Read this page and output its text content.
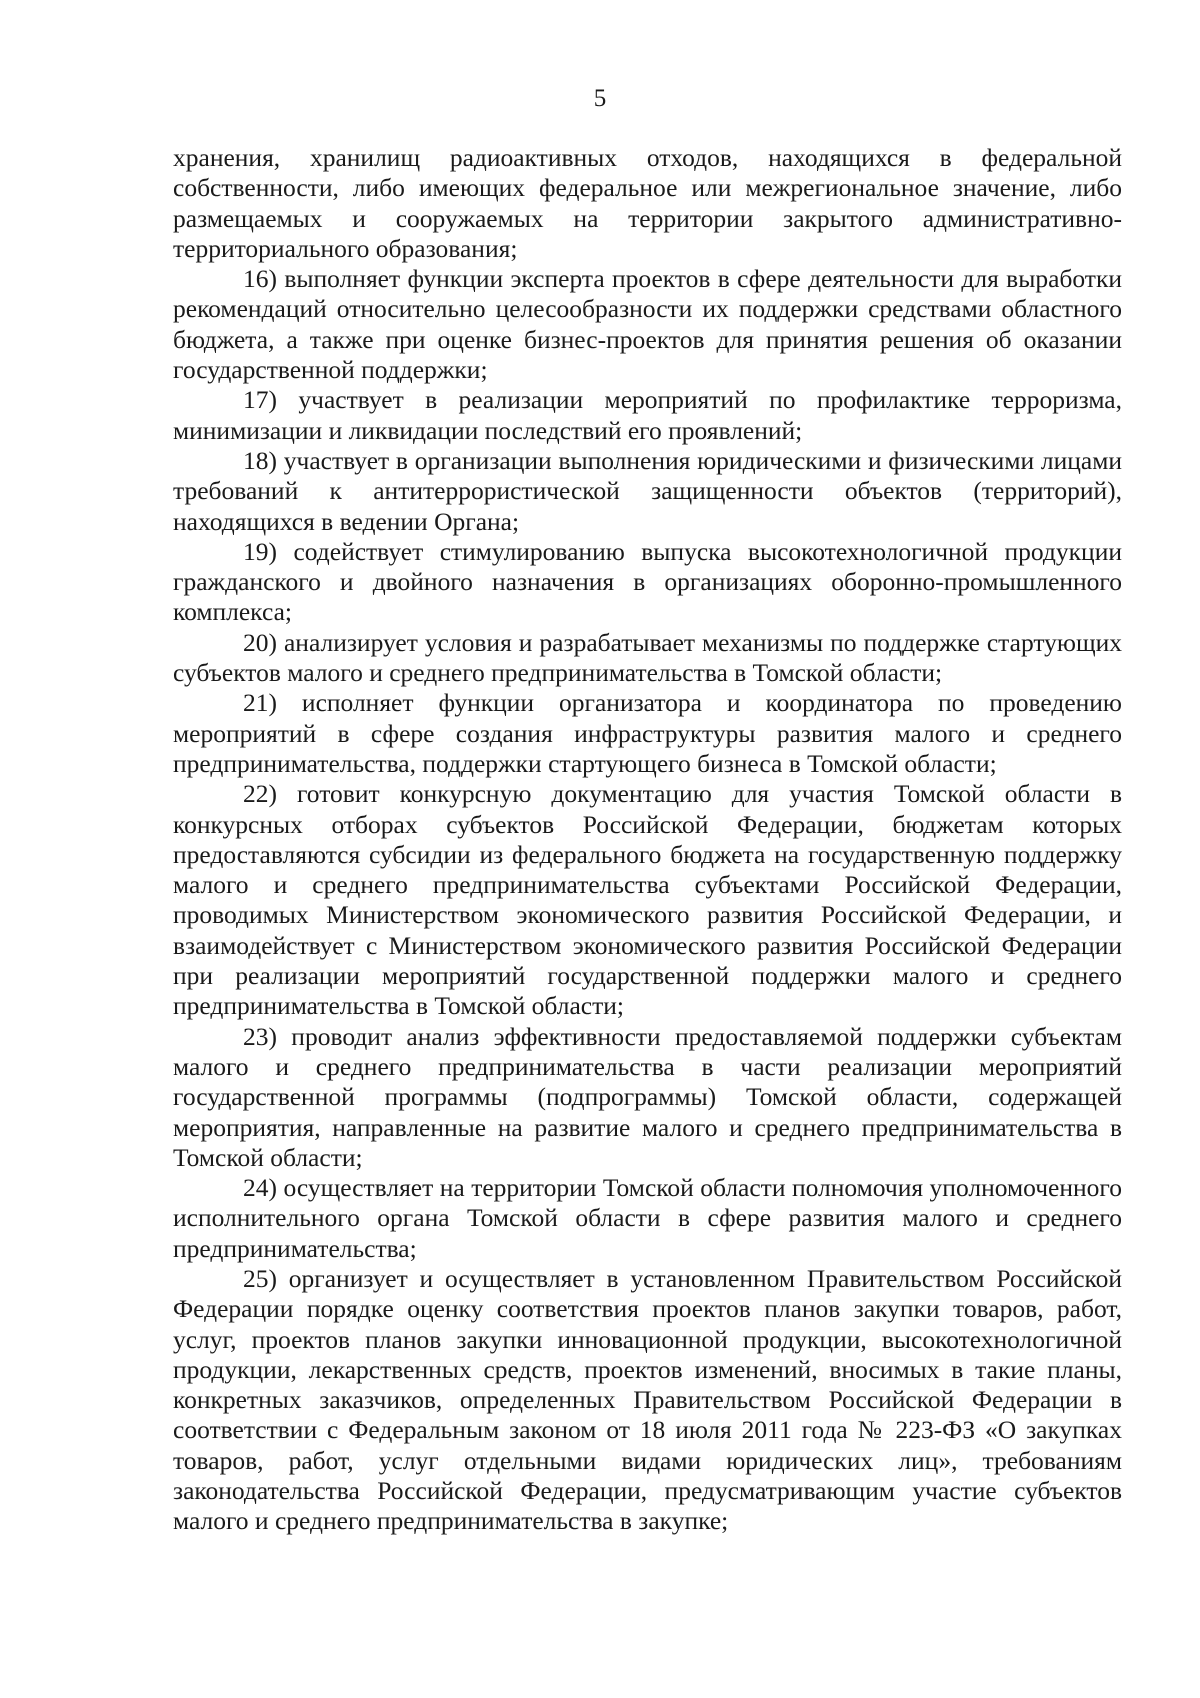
5

хранения, хранилищ радиоактивных отходов, находящихся в федеральной собственности, либо имеющих федеральное или межрегиональное значение, либо размещаемых и сооружаемых на территории закрытого административно-территориального образования;

16) выполняет функции эксперта проектов в сфере деятельности для выработки рекомендаций относительно целесообразности их поддержки средствами областного бюджета, а также при оценке бизнес-проектов для принятия решения об оказании государственной поддержки;

17) участвует в реализации мероприятий по профилактике терроризма, минимизации и ликвидации последствий его проявлений;

18) участвует в организации выполнения юридическими и физическими лицами требований к антитеррористической защищенности объектов (территорий), находящихся в ведении Органа;

19) содействует стимулированию выпуска высокотехнологичной продукции гражданского и двойного назначения в организациях оборонно-промышленного комплекса;

20) анализирует условия и разрабатывает механизмы по поддержке стартующих субъектов малого и среднего предпринимательства в Томской области;

21) исполняет функции организатора и координатора по проведению мероприятий в сфере создания инфраструктуры развития малого и среднего предпринимательства, поддержки стартующего бизнеса в Томской области;

22) готовит конкурсную документацию для участия Томской области в конкурсных отборах субъектов Российской Федерации, бюджетам которых предоставляются субсидии из федерального бюджета на государственную поддержку малого и среднего предпринимательства субъектами Российской Федерации, проводимых Министерством экономического развития Российской Федерации, и взаимодействует с Министерством экономического развития Российской Федерации при реализации мероприятий государственной поддержки малого и среднего предпринимательства в Томской области;

23) проводит анализ эффективности предоставляемой поддержки субъектам малого и среднего предпринимательства в части реализации мероприятий государственной программы (подпрограммы) Томской области, содержащей мероприятия, направленные на развитие малого и среднего предпринимательства в Томской области;

24) осуществляет на территории Томской области полномочия уполномоченного исполнительного органа Томской области в сфере развития малого и среднего предпринимательства;

25) организует и осуществляет в установленном Правительством Российской Федерации порядке оценку соответствия проектов планов закупки товаров, работ, услуг, проектов планов закупки инновационной продукции, высокотехнологичной продукции, лекарственных средств, проектов изменений, вносимых в такие планы, конкретных заказчиков, определенных Правительством Российской Федерации в соответствии с Федеральным законом от 18 июля 2011 года № 223-ФЗ «О закупках товаров, работ, услуг отдельными видами юридических лиц», требованиям законодательства Российской Федерации, предусматривающим участие субъектов малого и среднего предпринимательства в закупке;
